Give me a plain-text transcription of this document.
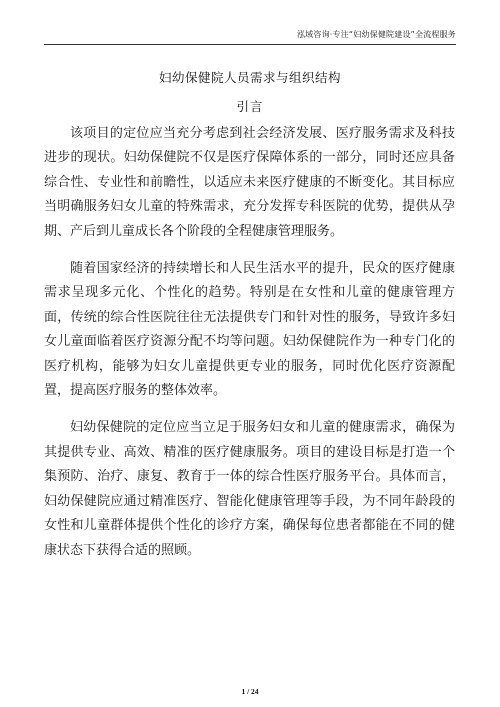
泓域咨询·专注“妇幼保健院建设”全流程服务
妇幼保健院人员需求与组织结构
引言

该项目的定位应当充分考虑到社会经济发展、医疗服务需求及科技进步的现状。妇幼保健院不仅是医疗保障体系的一部分，同时还应具备综合性、专业性和前瞻性，以适应未来医疗健康的不断变化。其目标应当明确服务妇女儿童的特殊需求，充分发挥专科医院的优势，提供从孕期、产后到儿童成长各个阶段的全程健康管理服务。

随着国家经济的持续增长和人民生活水平的提升，民众的医疗健康需求呈现多元化、个性化的趋势。特别是在女性和儿童的健康管理方面，传统的综合性医院往往无法提供专门和针对性的服务，导致许多妇女儿童面临着医疗资源分配不均等问题。妇幼保健院作为一种专门化的医疗机构，能够为妇女儿童提供更专业的服务，同时优化医疗资源配置，提高医疗服务的整体效率。

妇幼保健院的定位应当立足于服务妇女和儿童的健康需求，确保为其提供专业、高效、精准的医疗健康服务。项目的建设目标是打造一个集预防、治疗、康复、教育于一体的综合性医疗服务平台。具体而言，妇幼保健院应通过精准医疗、智能化健康管理等手段，为不同年龄段的女性和儿童群体提供个性化的诊疗方案，确保每位患者都能在不同的健康状态下获得合适的照顾。

1 / 24
